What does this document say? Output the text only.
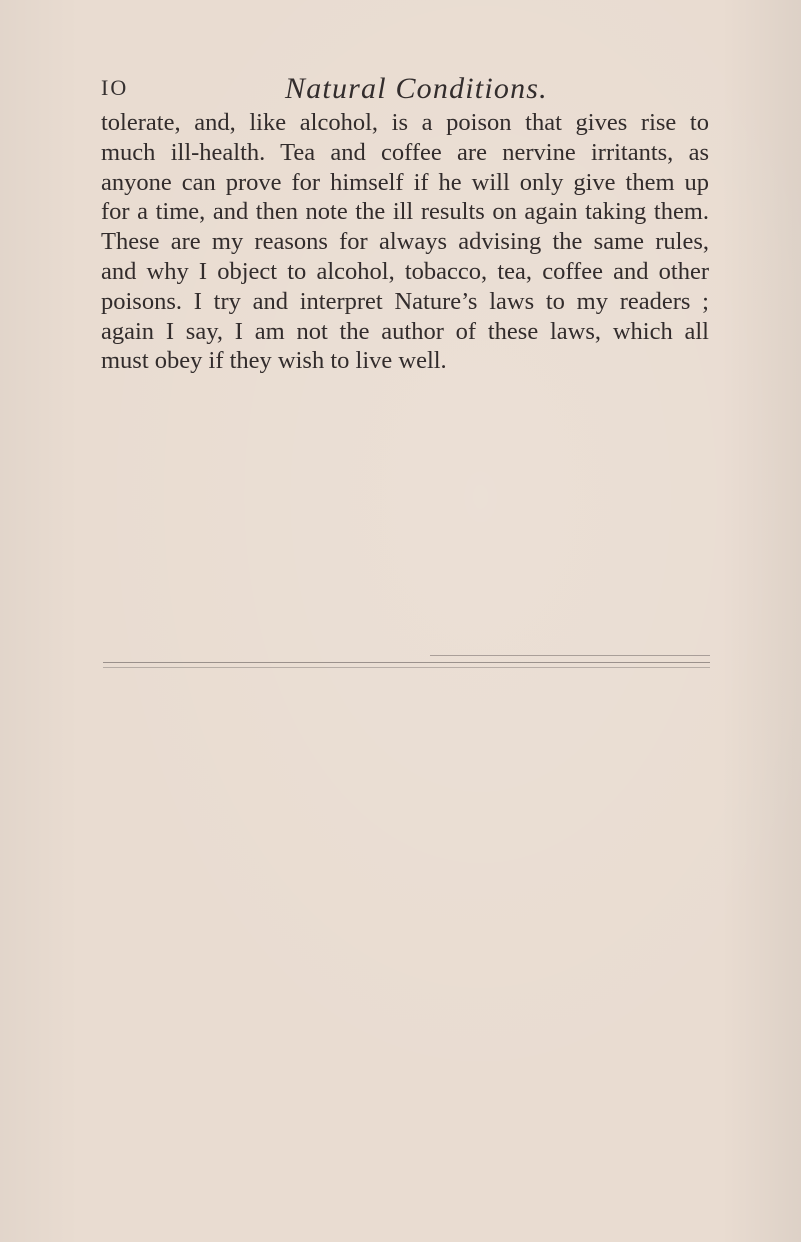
IO	Natural Conditions.
tolerate, and, like alcohol, is a poison that gives rise to
much ill-health. Tea and coffee are nervine irritants, as
anyone can prove for himself if he will only give them up
for a time, and then note the ill results on again taking them.
These are my reasons for always advising the same rules,
and why I object to alcohol, tobacco, tea, coffee and other
poisons. I try and interpret Nature’s laws to my readers ;
again I say, I am not the author of these laws, which all
must obey if they wish to live well.
